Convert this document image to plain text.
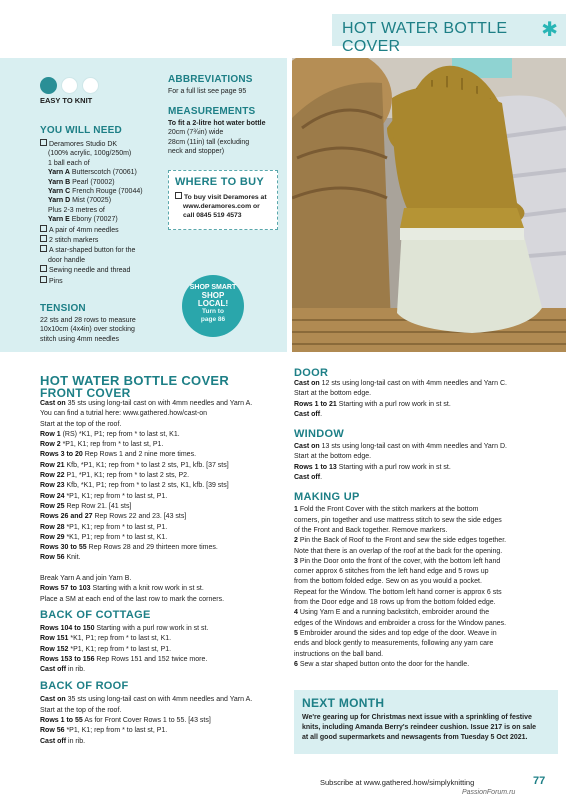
HOT WATER BOTTLE COVER
✱
EASY TO KNIT
YOU WILL NEED
Deramores Studio DK
(100% acrylic, 100g/250m)
1 ball each of
Yarn A Butterscotch (70061)
Yarn B Pearl (70002)
Yarn C French Rouge (70044)
Yarn D Mist (70025)
Plus 2-3 metres of
Yarn E Ebony (70027)
A pair of 4mm needles
2 stitch markers
A star-shaped button for the
door handle
Sewing needle and thread
Pins
TENSION
22 sts and 28 rows to measure
10x10cm (4x4in) over stocking
stitch using 4mm needles
ABBREVIATIONS
For a full list see page 95
MEASUREMENTS
To fit a 2-litre hot water bottle
20cm (7¾in) wide
28cm (11in) tall (excluding
neck and stopper)
WHERE TO BUY
To buy visit Deramores at
www.deramores.com or
call 0845 519 4573
SHOP SMART
SHOP
LOCAL!
Turn to
page 86
HOT WATER BOTTLE COVER
FRONT COVER
Cast on 35 sts using long-tail cast on with 4mm needles and Yarn A.
You can find a tutrial here: www.gathered.how/cast-on
Start at the top of the roof.
Row 1 (RS) *K1, P1; rep from * to last st, K1.
Row 2 *P1, K1; rep from * to last st, P1.
Rows 3 to 20 Rep Rows 1 and 2 nine more times.
Row 21 Kfb, *P1, K1; rep from * to last 2 sts, P1, kfb. [37 sts]
Row 22 P1, *P1, K1; rep from * to last 2 sts, P2.
Row 23 Kfb, *K1, P1; rep from * to last 2 sts, K1, kfb. [39 sts]
Row 24 *P1, K1; rep from * to last st, P1.
Row 25 Rep Row 21. [41 sts]
Rows 26 and 27 Rep Rows 22 and 23. [43 sts]
Row 28 *P1, K1; rep from * to last st, P1.
Row 29 *K1, P1; rep from * to last st, K1.
Rows 30 to 55 Rep Rows 28 and 29 thirteen more times.
Row 56 Knit.

Break Yarn A and join Yarn B.
Rows 57 to 103 Starting with a knit row work in st st.
Place a SM at each end of the last row to mark the corners.
BACK OF COTTAGE
Rows 104 to 150 Starting with a purl row work in st st.
Row 151 *K1, P1; rep from * to last st, K1.
Row 152 *P1, K1; rep from * to last st, P1.
Rows 153 to 156 Rep Rows 151 and 152 twice more.
Cast off in rib.
BACK OF ROOF
Cast on 35 sts using long-tail cast on with 4mm needles and Yarn A.
Start at the top of the roof.
Rows 1 to 55 As for Front Cover Rows 1 to 55. [43 sts]
Row 56 *P1, K1; rep from * to last st, P1.
Cast off in rib.
DOOR
Cast on 12 sts using long-tail cast on with 4mm needles and Yarn C.
Start at the bottom edge.
Rows 1 to 21 Starting with a purl row work in st st.
Cast off.
WINDOW
Cast on 13 sts using long-tail cast on with 4mm needles and Yarn D.
Start at the bottom edge.
Rows 1 to 13 Starting with a purl row work in st st.
Cast off.
MAKING UP
1 Fold the Front Cover with the stitch markers at the bottom
corners, pin together and use mattress stitch to sew the side edges
of the Front and Back together. Remove markers.
2 Pin the Back of Roof to the Front and sew the side edges together.
Note that there is an overlap of the roof at the back for the opening.
3 Pin the Door onto the front of the cover, with the bottom left hand
corner approx 6 stitches from the left hand edge and 5 rows up
from the bottom folded edge. Sew on as you would a pocket.
Repeat for the Window. The bottom left hand corner is approx 6 sts
from the Door edge and 18 rows up from the bottom folded edge.
4 Using Yarn E and a running backstitch, embroider around the
edges of the Windows and embroider a cross for the Window panes.
5 Embroider around the sides and top edge of the door. Weave in
ends and block gently to measurements, following any yarn care
instructions on the ball band.
6 Sew a star shaped button onto the door for the handle.
NEXT MONTH
We're gearing up for Christmas next issue with a sprinkling of festive
knits, including Amanda Berry's reindeer cushion. Issue 217 is on sale
at all good supermarkets and newsagents from Tuesday 5 Oct 2021.
Subscribe at www.gathered.how/simplyknitting	77
PassionForum.ru
